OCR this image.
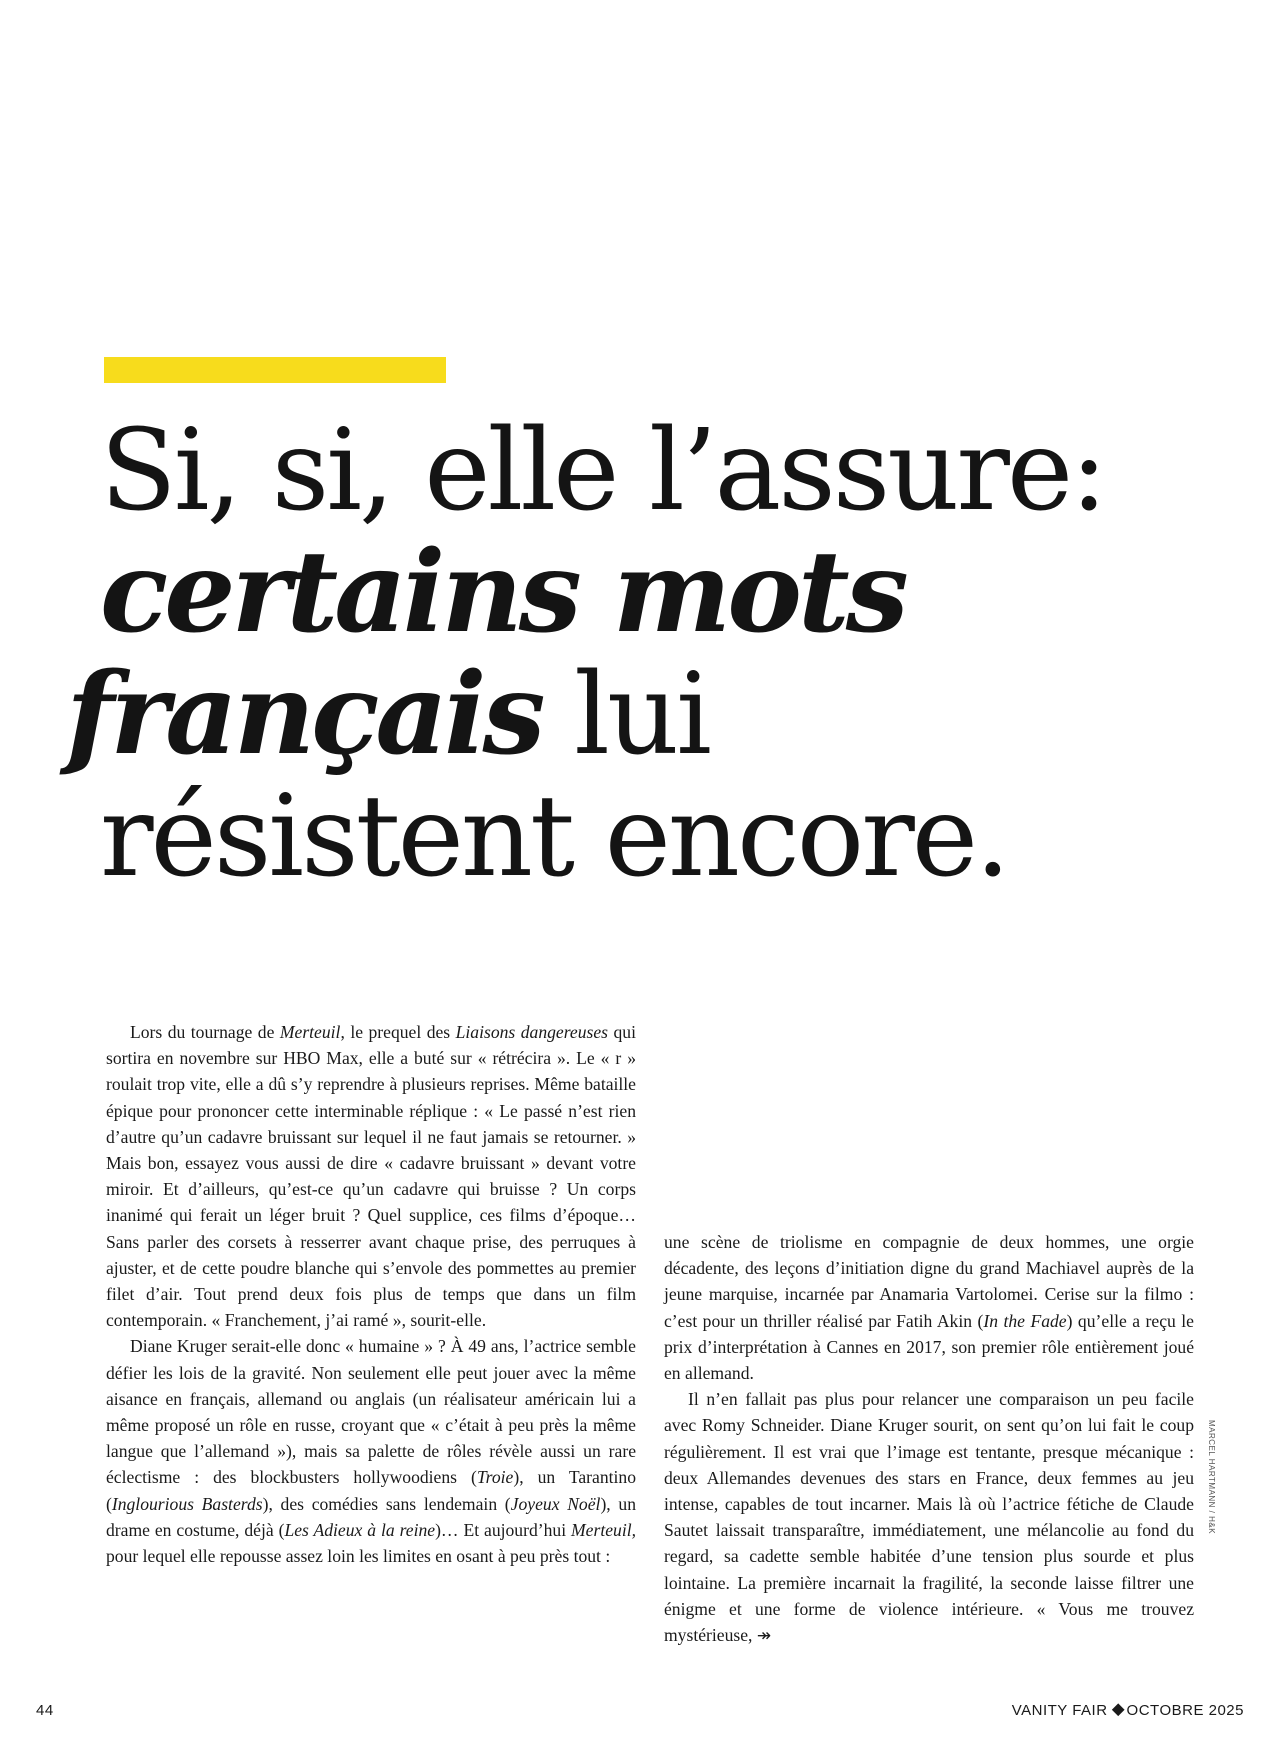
Si, si, elle l’assure:
certains mots
français lui
résistent encore.

Lors du tournage de Merteuil, le prequel des Liaisons dangereuses qui sortira en novembre sur HBO Max, elle a buté sur « rétrécira ». Le « r » roulait trop vite, elle a dû s’y reprendre à plusieurs reprises. Même bataille épique pour prononcer cette interminable réplique : « Le passé n’est rien d’autre qu’un cadavre bruissant sur lequel il ne faut jamais se retourner. » Mais bon, essayez vous aussi de dire « cadavre bruissant » devant votre miroir. Et d’ailleurs, qu’est-ce qu’un cadavre qui bruisse ? Un corps inanimé qui ferait un léger bruit ? Quel supplice, ces films d’époque… Sans parler des corsets à resserrer avant chaque prise, des perruques à ajuster, et de cette poudre blanche qui s’envole des pommettes au premier filet d’air. Tout prend deux fois plus de temps que dans un film contemporain. « Franchement, j’ai ramé », sourit-elle.

Diane Kruger serait-elle donc « humaine » ? À 49 ans, l’actrice semble défier les lois de la gravité. Non seulement elle peut jouer avec la même aisance en français, allemand ou anglais (un réalisateur américain lui a même proposé un rôle en russe, croyant que « c’était à peu près la même langue que l’allemand »), mais sa palette de rôles révèle aussi un rare éclectisme : des blockbusters hollywoodiens (Troie), un Tarantino (Inglourious Basterds), des comédies sans lendemain (Joyeux Noël), un drame en costume, déjà (Les Adieux à la reine)… Et aujourd’hui Merteuil, pour lequel elle repousse assez loin les limites en osant à peu près tout :

une scène de triolisme en compagnie de deux hommes, une orgie décadente, des leçons d’initiation digne du grand Machiavel auprès de la jeune marquise, incarnée par Anamaria Vartolomei. Cerise sur la filmo : c’est pour un thriller réalisé par Fatih Akin (In the Fade) qu’elle a reçu le prix d’interprétation à Cannes en 2017, son premier rôle entièrement joué en allemand.

Il n’en fallait pas plus pour relancer une comparaison un peu facile avec Romy Schneider. Diane Kruger sourit, on sent qu’on lui fait le coup régulièrement. Il est vrai que l’image est tentante, presque mécanique : deux Allemandes devenues des stars en France, deux femmes au jeu intense, capables de tout incarner. Mais là où l’actrice fétiche de Claude Sautet laissait transparaître, immédiatement, une mélancolie au fond du regard, sa cadette semble habitée d’une tension plus sourde et plus lointaine. La première incarnait la fragilité, la seconde laisse filtrer une énigme et une forme de violence intérieure. « Vous me trouvez mystérieuse, ↠

MARCEL HARTMANN / H&K
44	VANITY FAIR OCTOBRE 2025
